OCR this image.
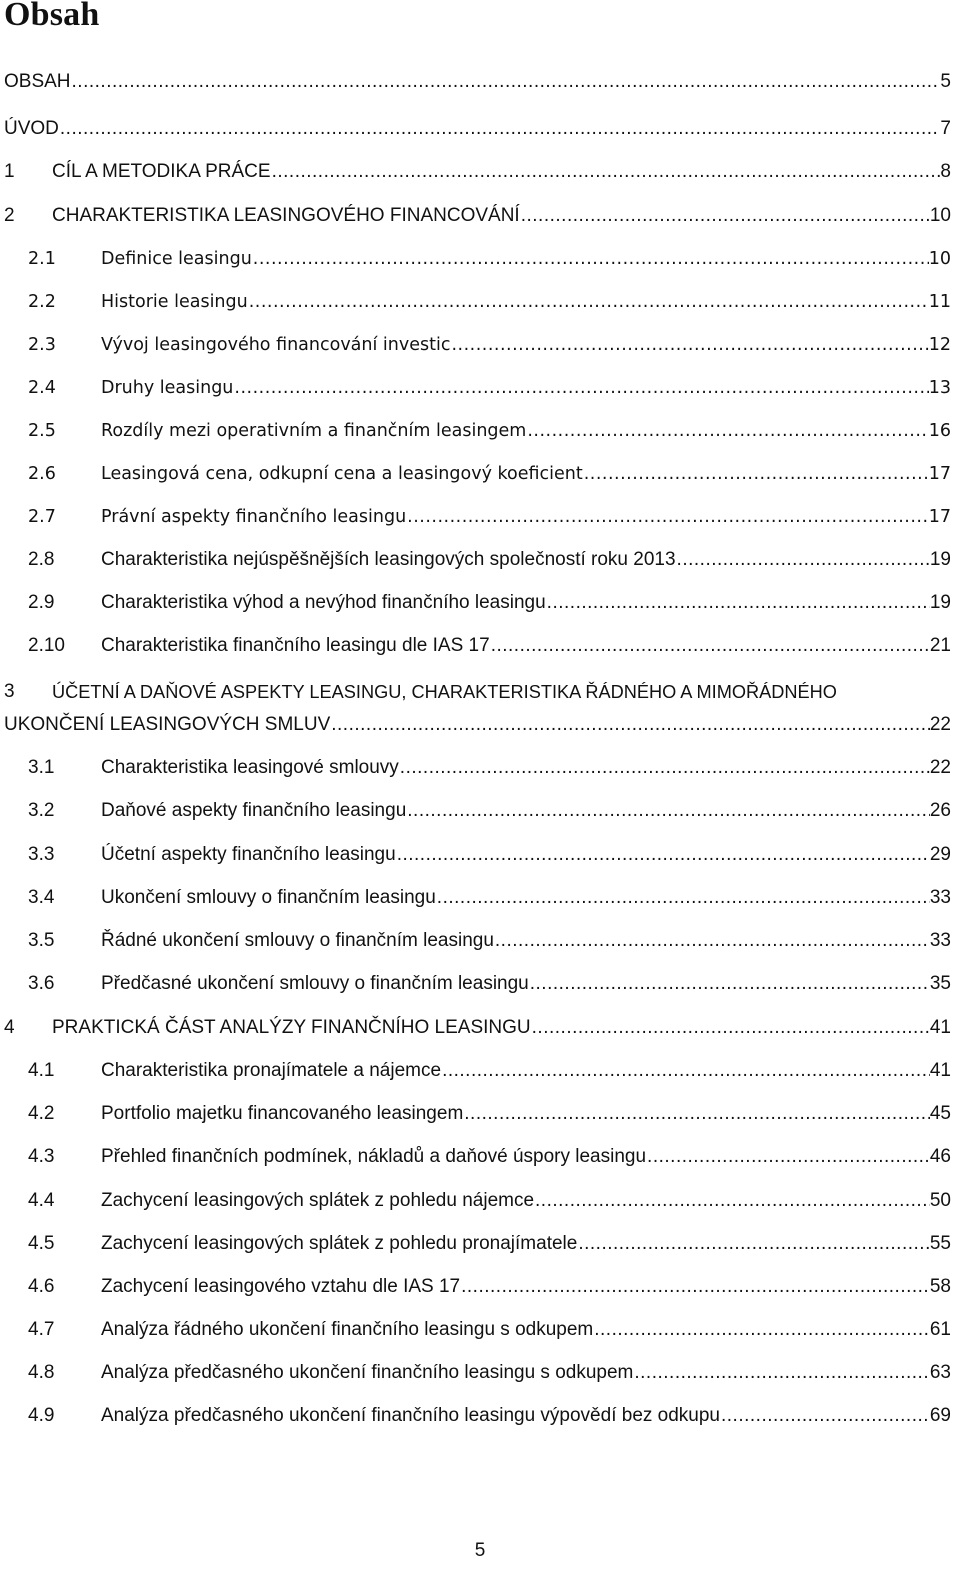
Obsah
OBSAH .....	5
ÚVOD .....	7
1 CÍL A METODIKA PRÁCE .....	8
2 CHARAKTERISTIKA LEASINGOVÉHO FINANCOVÁNÍ .....	10
2.1	Definice leasingu .....	10
2.2	Historie leasingu .....	11
2.3	Vývoj leasingového financování investic .....	12
2.4	Druhy leasingu .....	13
2.5	Rozdíly mezi operativním a finančním leasingem .....	16
2.6	Leasingová cena, odkupní cena a leasingový koeficient .....	17
2.7	Právní aspekty finančního leasingu .....	17
2.8 Charakteristika nejúspěšnějších leasingových společností roku 2013 .....	19
2.9 Charakteristika výhod a nevýhod finančního leasingu .....	19
2.10 Charakteristika finančního leasingu dle IAS 17 .....	21
3 ÚČETNÍ A DAŇOVÉ ASPEKTY LEASINGU, CHARAKTERISTIKA ŘÁDNÉHO A MIMOŘÁDNÉHO
UKONČENÍ LEASINGOVÝCH SMLUV .....	22
3.1 Charakteristika leasingové smlouvy .....	22
3.2 Daňové aspekty finančního leasingu .....	26
3.3 Účetní aspekty finančního leasingu .....	29
3.4 Ukončení smlouvy o finančním leasingu .....	33
3.5 Řádné ukončení smlouvy o finančním leasingu .....	33
3.6 Předčasné ukončení smlouvy o finančním leasingu .....	35
4 PRAKTICKÁ ČÁST ANALÝZY FINANČNÍHO LEASINGU .....	41
4.1 Charakteristika pronajímatele a nájemce .....	41
4.2 Portfolio majetku financovaného leasingem .....	45
4.3 Přehled finančních podmínek, nákladů a daňové úspory leasingu .....	46
4.4 Zachycení leasingových splátek z pohledu nájemce .....	50
4.5 Zachycení leasingových splátek z pohledu pronajímatele .....	55
4.6 Zachycení leasingového vztahu dle IAS 17 .....	58
4.7 Analýza řádného ukončení finančního leasingu s odkupem .....	61
4.8 Analýza předčasného ukončení finančního leasingu s odkupem .....	63
4.9 Analýza předčasného ukončení finančního leasingu výpovědí bez odkupu .....	69
5
